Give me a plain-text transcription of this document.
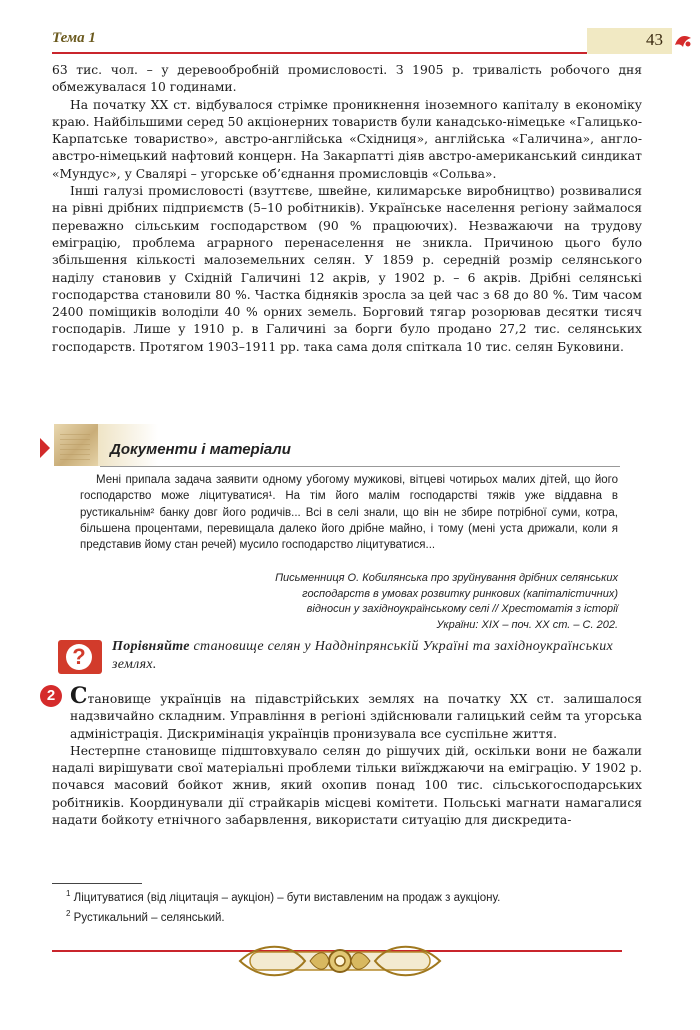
Тема 1	43

63 тис. чол. – у деревообробній промисловості. З 1905 р. тривалість робочого дня обмежувалася 10 годинами.

На початку XX ст. відбувалося стрімке проникнення іноземного капіталу в економіку краю. Найбільшими серед 50 акціонерних товариств були канадсько-німецьке «Галицько-Карпатське товариство», австро-англійська «Східниця», англійська «Галичина», англо-австро-німецький нафтовий концерн. На Закарпатті діяв австро-американський синдикат «Мундус», у Свалярі – угорське об’єднання промисловців «Сольва».

Інші галузі промисловості (взуттєве, швейне, килимарське виробництво) розвивалися на рівні дрібних підприємств (5–10 робітників). Українське населення регіону займалося переважно сільським господарством (90 % працюючих). Незважаючи на трудову еміграцію, проблема аграрного перенаселення не зникла. Причиною цього було збільшення кількості малоземельних селян. У 1859 р. середній розмір селянського наділу становив у Східній Галичині 12 акрів, у 1902 р. – 6 акрів. Дрібні селянські господарства становили 80 %. Частка бідняків зросла за цей час з 68 до 80 %. Тим часом 2400 поміщиків володіли 40 % орних земель. Борговий тягар розорював десятки тисяч господарів. Лише у 1910 р. в Галичині за борги було продано 27,2 тис. селянських господарств. Протягом 1903–1911 рр. така сама доля спіткала 10 тис. селян Буковини.

Документи і матеріали

Мені припала задача заявити одному убогому мужикові, вітцеві чотирьох малих дітей, що його господарство може ліцитуватися¹. На тім його малім господарстві тяжів уже віддавна в рустикальнім² банку довг його родичів... Всі в селі знали, що він не збире потрібної суми, котра, більшена процентами, перевищала далеко його дрібне майно, і тому (мені уста дрижали, коли я представив йому стан речей) мусило господарство ліцитуватися...

Письменниця О. Кобилянська про зруйнування дрібних селянських господарств в умовах розвитку ринкових (капіталістичних) відносин у західноукраїнському селі // Хрестоматія з історії України: XIX – поч. XX ст. – С. 202.
?	Порівняйте становище селян у Наддніпрянській Україні та західноукраїнських землях.
2 Становище українців на підавстрійських землях на початку XX ст. залишалося надзвичайно складним. Управління в регіоні здійснювали галицький сейм та угорська адміністрація. Дискримінація українців пронизувала все суспільне життя.

Нестерпне становище підштовхувало селян до рішучих дій, оскільки вони не бажали надалі вирішувати свої матеріальні проблеми тільки виїжджаючи на еміграцію. У 1902 р. почався масовий бойкот жнив, який охопив понад 100 тис. сільськогосподарських робітників. Координували дії страйкарів місцеві комітети. Польські магнати намагалися надати бойкоту етнічного забарвлення, використати ситуацію для дискредита-

$^1$ Ліцитуватися (від ліцитація – аукціон) – бути виставленим на продаж з аукціону.

$^2$ Рустикальний – селянський.
